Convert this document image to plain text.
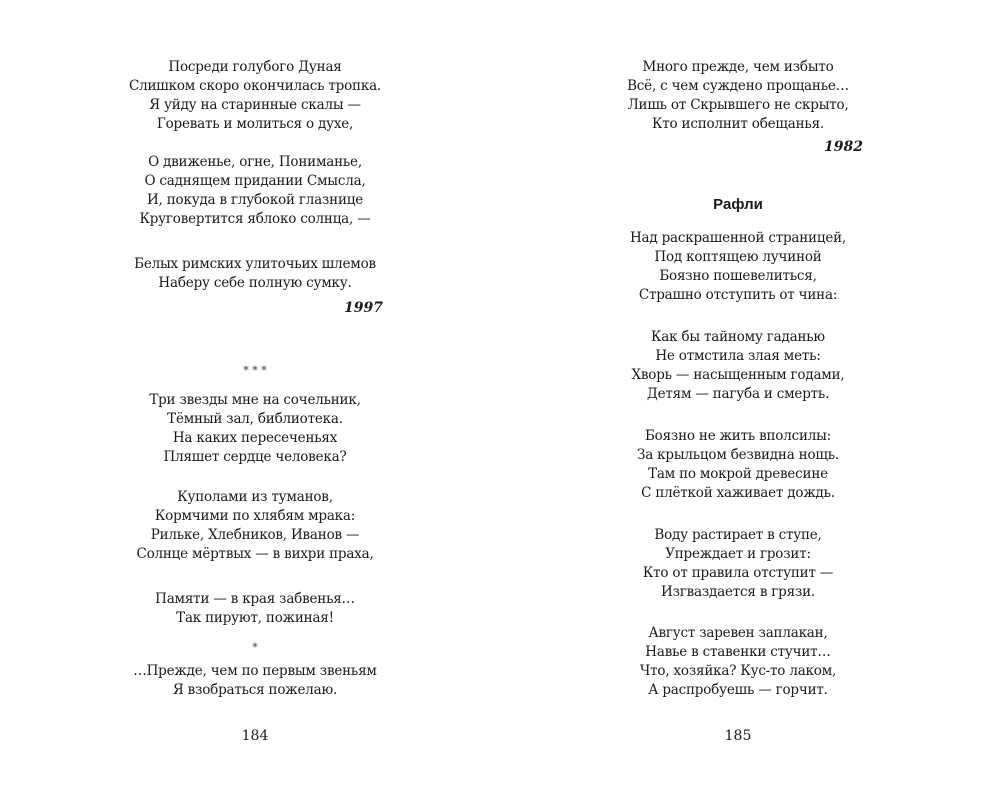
1997
* * *
*
184
Посреди голубого Дуная
Слишком скоро окончилась тропка.
Я уйду на старинные скалы —
Горевать и молиться о духе,
О движенье, огне, Пониманье,
О саднящем придании Смысла,
И, покуда в глубокой глазнице
Круговертится яблоко солнца, —
Белых римских улиточьих шлемов
Наберу себе полную сумку.
Три звезды мне на сочельник,
Тёмный зал, библиотека.
На каких пересеченьях
Пляшет сердце человека?
Куполами из туманов,
Кормчими по хлябям мрака:
Рильке, Хлебников, Иванов —
Солнце мёртвых — в вихри праха,
Памяти — в края забвенья…
Так пируют, пожиная!
…Прежде, чем по первым звеньям
Я взобраться пожелаю.
1982
Рафли
185
Много прежде, чем избыто
Всё, с чем суждено прощанье…
Лишь от Скрывшего не скрыто,
Кто исполнит обещанья.
Над раскрашенной страницей,
Под коптящею лучиной
Боязно пошевелиться,
Страшно отступить от чина:
Как бы тайному гаданью
Не отмстила злая меть:
Хворь — насыщенным годами,
Детям — пагуба и смерть.
Боязно не жить вполсилы:
За крыльцом безвидна нощь.
Там по мокрой древесине
С плёткой хаживает дождь.
Воду растирает в ступе,
Упреждает и грозит:
Кто от правила отступит —
Изгваздается в грязи.
Август заревен заплакан,
Навье в ставенки стучит…
Что, хозяйка? Кус-то лаком,
А распробуешь — горчит.
